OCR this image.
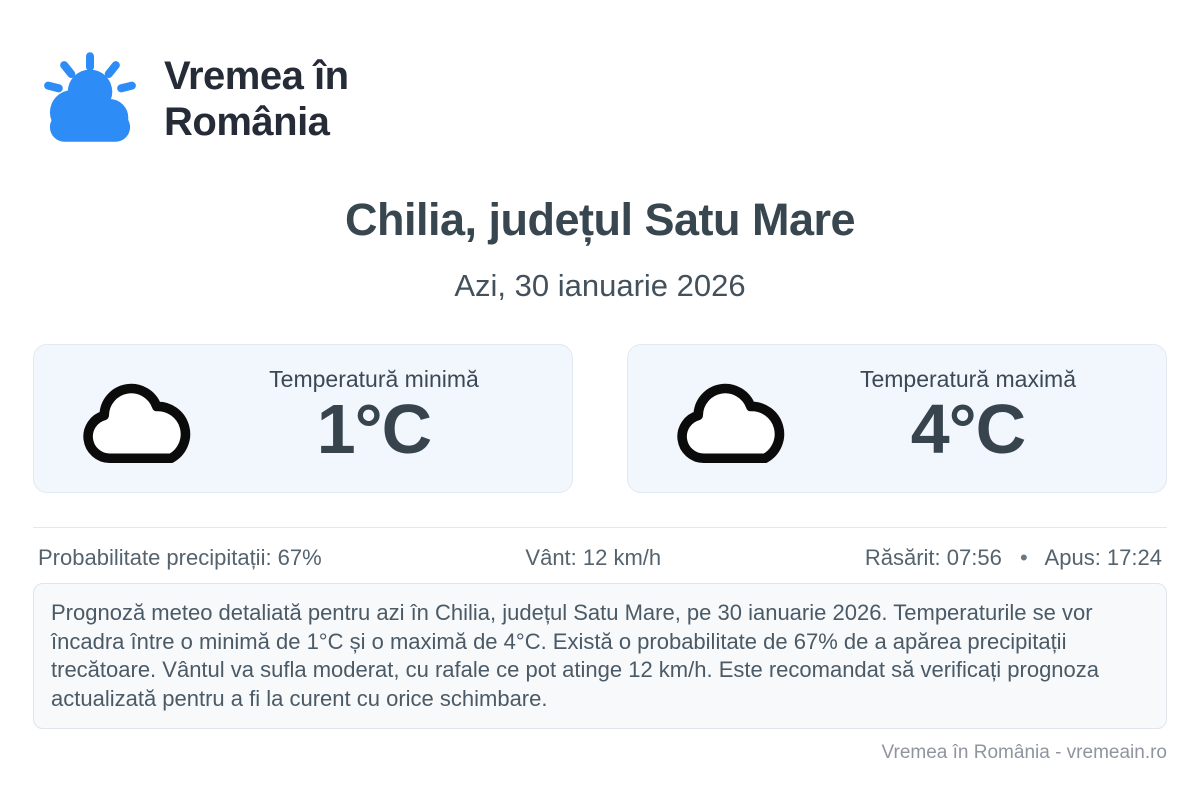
Vremea în
România
Chilia, județul Satu Mare
Azi, 30 ianuarie 2026
Temperatură minimă
1°C
Temperatură maximă
4°C
Probabilitate precipitații: 67%	Vânt: 12 km/h	Răsărit: 07:56 • Apus: 17:24
Prognoză meteo detaliată pentru azi în Chilia, județul Satu Mare, pe 30 ianuarie 2026. Temperaturile se vor încadra între o minimă de 1°C și o maximă de 4°C. Există o probabilitate de 67% de a apărea precipitații trecătoare. Vântul va sufla moderat, cu rafale ce pot atinge 12 km/h. Este recomandat să verificați prognoza actualizată pentru a fi la curent cu orice schimbare.
Vremea în România - vremeain.ro
